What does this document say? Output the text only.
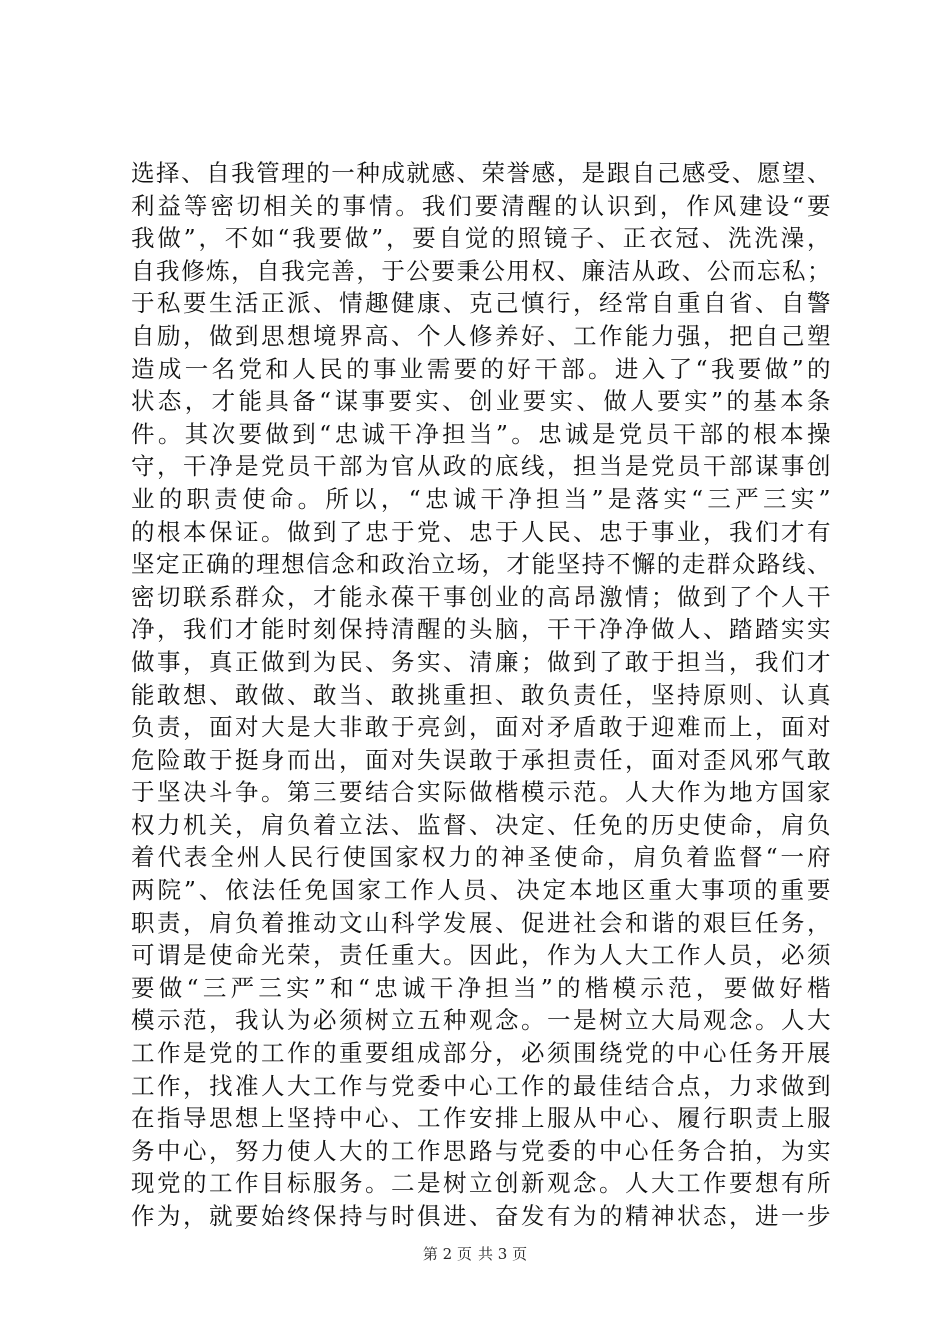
选择、自我管理的一种成就感、荣誉感，是跟自己感受、愿望、
利益等密切相关的事情。我们要清醒的认识到，作风建设“要
我做”，不如“我要做”，要自觉的照镜子、正衣冠、洗洗澡，
自我修炼，自我完善，于公要秉公用权、廉洁从政、公而忘私；
于私要生活正派、情趣健康、克己慎行，经常自重自省、自警
自励，做到思想境界高、个人修养好、工作能力强，把自己塑
造成一名党和人民的事业需要的好干部。进入了“我要做”的
状态，才能具备“谋事要实、创业要实、做人要实”的基本条
件。其次要做到“忠诚干净担当”。忠诚是党员干部的根本操
守，干净是党员干部为官从政的底线，担当是党员干部谋事创
业的职责使命。所以，“忠诚干净担当”是落实“三严三实”
的根本保证。做到了忠于党、忠于人民、忠于事业，我们才有
坚定正确的理想信念和政治立场，才能坚持不懈的走群众路线、
密切联系群众，才能永葆干事创业的高昂激情；做到了个人干
净，我们才能时刻保持清醒的头脑，干干净净做人、踏踏实实
做事，真正做到为民、务实、清廉；做到了敢于担当，我们才
能敢想、敢做、敢当、敢挑重担、敢负责任，坚持原则、认真
负责，面对大是大非敢于亮剑，面对矛盾敢于迎难而上，面对
危险敢于挺身而出，面对失误敢于承担责任，面对歪风邪气敢
于坚决斗争。第三要结合实际做楷模示范。人大作为地方国家
权力机关，肩负着立法、监督、决定、任免的历史使命，肩负
着代表全州人民行使国家权力的神圣使命，肩负着监督“一府
两院”、依法任免国家工作人员、决定本地区重大事项的重要
职责，肩负着推动文山科学发展、促进社会和谐的艰巨任务，
可谓是使命光荣，责任重大。因此，作为人大工作人员，必须
要做“三严三实”和“忠诚干净担当”的楷模示范，要做好楷
模示范，我认为必须树立五种观念。一是树立大局观念。人大
工作是党的工作的重要组成部分，必须围绕党的中心任务开展
工作，找准人大工作与党委中心工作的最佳结合点，力求做到
在指导思想上坚持中心、工作安排上服从中心、履行职责上服
务中心，努力使人大的工作思路与党委的中心任务合拍，为实
现党的工作目标服务。二是树立创新观念。人大工作要想有所
作为，就要始终保持与时俱进、奋发有为的精神状态，进一步
第 2 页 共 3 页
